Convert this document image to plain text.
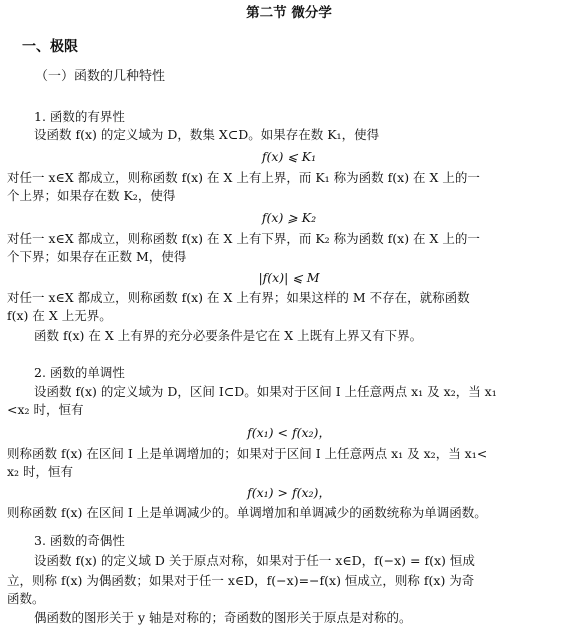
第二节 微分学
一、极限
（一）函数的几种特性
1. 函数的有界性
设函数 f(x) 的定义域为 D，数集 X⊂D。如果存在数 K₁，使得
f(x) ⩽ K₁
对任一 x∈X 都成立，则称函数 f(x) 在 X 上有上界，而 K₁ 称为函数 f(x) 在 X 上的一
个上界；如果存在数 K₂，使得
f(x) ⩾ K₂
对任一 x∈X 都成立，则称函数 f(x) 在 X 上有下界，而 K₂ 称为函数 f(x) 在 X 上的一
个下界；如果存在正数 M，使得
|f(x)| ⩽ M
对任一 x∈X 都成立，则称函数 f(x) 在 X 上有界；如果这样的 M 不存在，就称函数
f(x) 在 X 上无界。
函数 f(x) 在 X 上有界的充分必要条件是它在 X 上既有上界又有下界。
2. 函数的单调性
设函数 f(x) 的定义域为 D，区间 I⊂D。如果对于区间 I 上任意两点 x₁ 及 x₂，当 x₁
<x₂ 时，恒有
f(x₁) < f(x₂)，
则称函数 f(x) 在区间 I 上是单调增加的；如果对于区间 I 上任意两点 x₁ 及 x₂，当 x₁<
x₂ 时，恒有
f(x₁) > f(x₂)，
则称函数 f(x) 在区间 I 上是单调减少的。单调增加和单调减少的函数统称为单调函数。
3. 函数的奇偶性
设函数 f(x) 的定义域 D 关于原点对称，如果对于任一 x∈D，f(−x) = f(x) 恒成
立，则称 f(x) 为偶函数；如果对于任一 x∈D，f(−x)=−f(x) 恒成立，则称 f(x) 为奇
函数。
偶函数的图形关于 y 轴是对称的；奇函数的图形关于原点是对称的。
